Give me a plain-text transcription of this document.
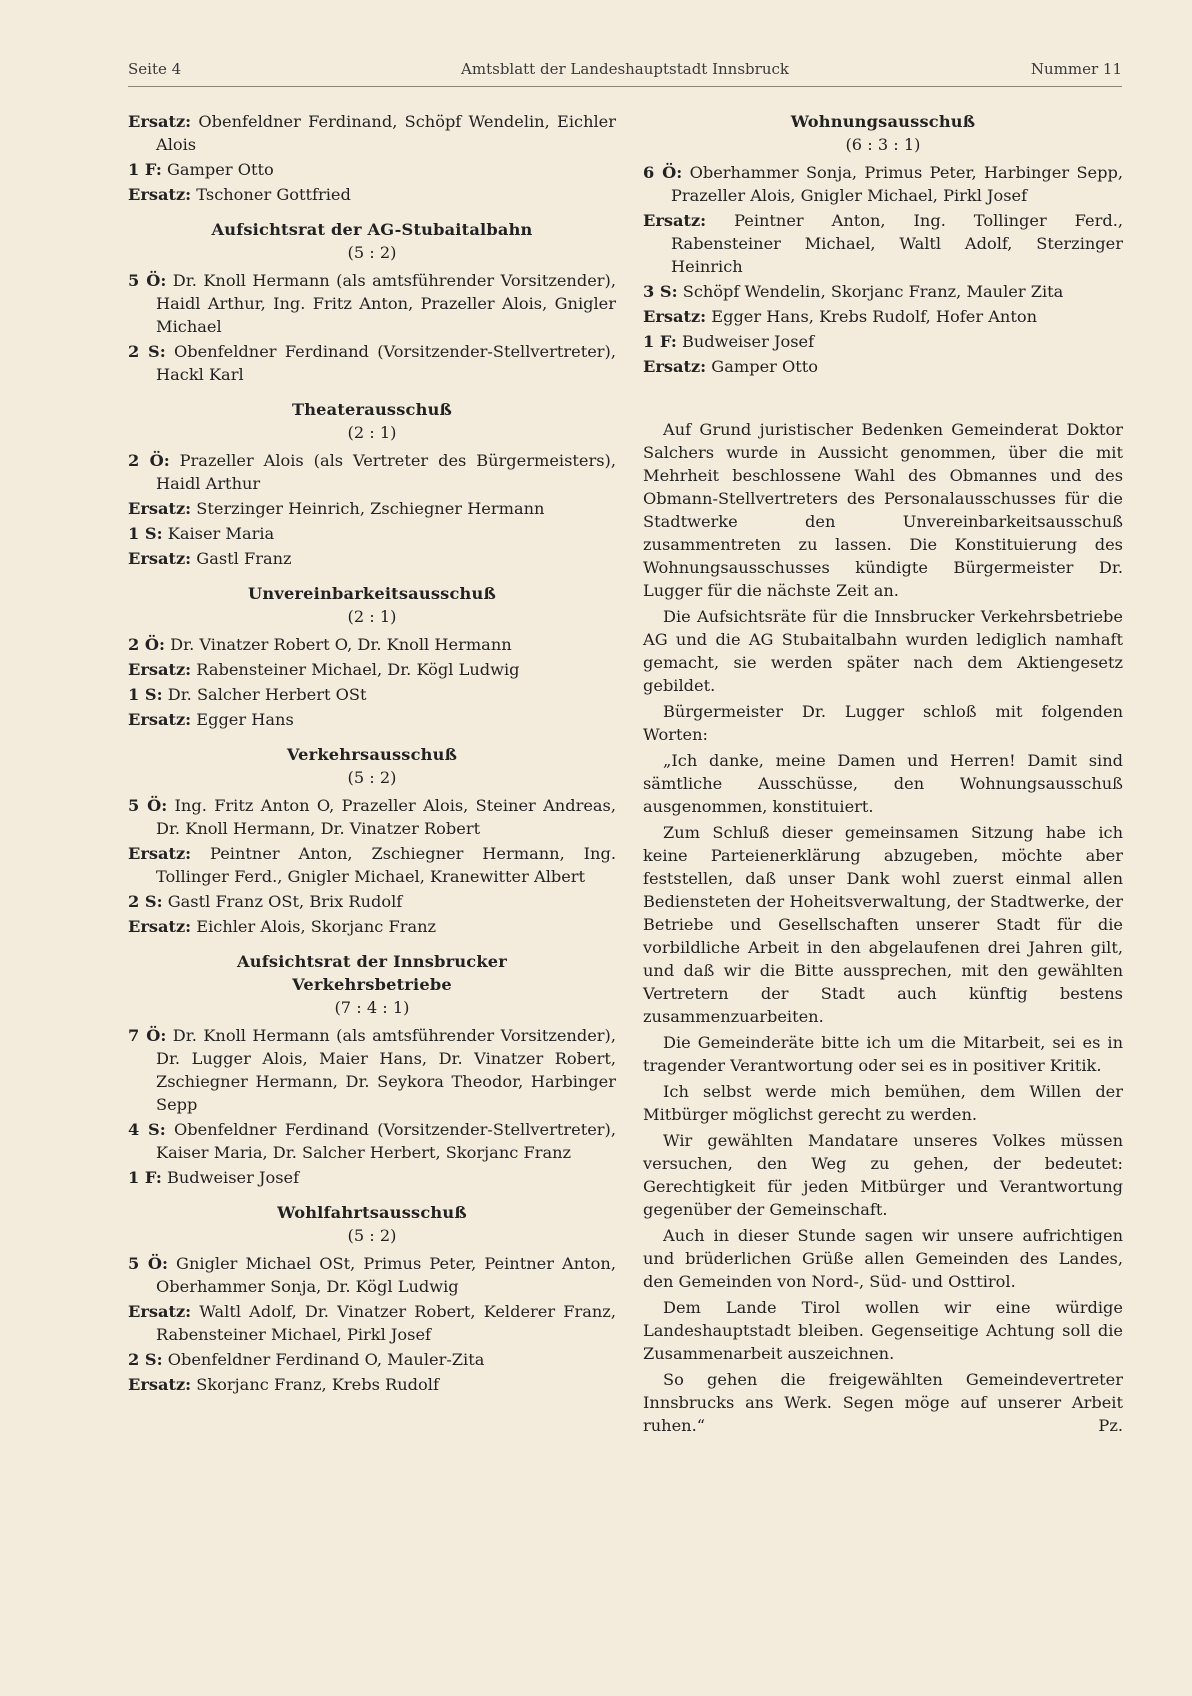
Seite 4	Amtsblatt der Landeshauptstadt Innsbruck	Nummer 11

Ersatz: Obenfeldner Ferdinand, Schöpf Wendelin, Eichler Alois

1 F: Gamper Otto

Ersatz: Tschoner Gottfried

Aufsichtsrat der AG-Stubaitalbahn
(5 : 2)

5 Ö: Dr. Knoll Hermann (als amtsführender Vorsitzender), Haidl Arthur, Ing. Fritz Anton, Prazeller Alois, Gnigler Michael

2 S: Obenfeldner Ferdinand (Vorsitzender-Stellvertreter), Hackl Karl

Theaterausschuß
(2 : 1)

2 Ö: Prazeller Alois (als Vertreter des Bürgermeisters), Haidl Arthur

Ersatz: Sterzinger Heinrich, Zschiegner Hermann

1 S: Kaiser Maria

Ersatz: Gastl Franz

Unvereinbarkeitsausschuß
(2 : 1)

2 Ö: Dr. Vinatzer Robert O, Dr. Knoll Hermann

Ersatz: Rabensteiner Michael, Dr. Kögl Ludwig

1 S: Dr. Salcher Herbert OSt

Ersatz: Egger Hans

Verkehrsausschuß
(5 : 2)

5 Ö: Ing. Fritz Anton O, Prazeller Alois, Steiner Andreas, Dr. Knoll Hermann, Dr. Vinatzer Robert

Ersatz: Peintner Anton, Zschiegner Hermann, Ing. Tollinger Ferd., Gnigler Michael, Kranewitter Albert

2 S: Gastl Franz OSt, Brix Rudolf

Ersatz: Eichler Alois, Skorjanc Franz

Aufsichtsrat der Innsbrucker Verkehrsbetriebe
(7 : 4 : 1)

7 Ö: Dr. Knoll Hermann (als amtsführender Vorsitzender), Dr. Lugger Alois, Maier Hans, Dr. Vinatzer Robert, Zschiegner Hermann, Dr. Seykora Theodor, Harbinger Sepp

4 S: Obenfeldner Ferdinand (Vorsitzender-Stellvertreter), Kaiser Maria, Dr. Salcher Herbert, Skorjanc Franz

1 F: Budweiser Josef

Wohlfahrtsausschuß
(5 : 2)

5 Ö: Gnigler Michael OSt, Primus Peter, Peintner Anton, Oberhammer Sonja, Dr. Kögl Ludwig

Ersatz: Waltl Adolf, Dr. Vinatzer Robert, Kelderer Franz, Rabensteiner Michael, Pirkl Josef

2 S: Obenfeldner Ferdinand O, Mauler-Zita

Ersatz: Skorjanc Franz, Krebs Rudolf

Wohnungsausschuß
(6 : 3 : 1)

6 Ö: Oberhammer Sonja, Primus Peter, Harbinger Sepp, Prazeller Alois, Gnigler Michael, Pirkl Josef

Ersatz: Peintner Anton, Ing. Tollinger Ferd., Rabensteiner Michael, Waltl Adolf, Sterzinger Heinrich

3 S: Schöpf Wendelin, Skorjanc Franz, Mauler Zita

Ersatz: Egger Hans, Krebs Rudolf, Hofer Anton

1 F: Budweiser Josef

Ersatz: Gamper Otto

Auf Grund juristischer Bedenken Gemeinderat Doktor Salchers wurde in Aussicht genommen, über die mit Mehrheit beschlossene Wahl des Obmannes und des Obmann-Stellvertreters des Personalausschusses für die Stadtwerke den Unvereinbarkeitsausschuß zusammentreten zu lassen. Die Konstituierung des Wohnungsausschusses kündigte Bürgermeister Dr. Lugger für die nächste Zeit an.

Die Aufsichtsräte für die Innsbrucker Verkehrsbetriebe AG und die AG Stubaitalbahn wurden lediglich namhaft gemacht, sie werden später nach dem Aktiengesetz gebildet.

Bürgermeister Dr. Lugger schloß mit folgenden Worten:

„Ich danke, meine Damen und Herren! Damit sind sämtliche Ausschüsse, den Wohnungsausschuß ausgenommen, konstituiert.

Zum Schluß dieser gemeinsamen Sitzung habe ich keine Parteienerklärung abzugeben, möchte aber feststellen, daß unser Dank wohl zuerst einmal allen Bediensteten der Hoheitsverwaltung, der Stadtwerke, der Betriebe und Gesellschaften unserer Stadt für die vorbildliche Arbeit in den abgelaufenen drei Jahren gilt, und daß wir die Bitte aussprechen, mit den gewählten Vertretern der Stadt auch künftig bestens zusammenzuarbeiten.

Die Gemeinderäte bitte ich um die Mitarbeit, sei es in tragender Verantwortung oder sei es in positiver Kritik.

Ich selbst werde mich bemühen, dem Willen der Mitbürger möglichst gerecht zu werden.

Wir gewählten Mandatare unseres Volkes müssen versuchen, den Weg zu gehen, der bedeutet: Gerechtigkeit für jeden Mitbürger und Verantwortung gegenüber der Gemeinschaft.

Auch in dieser Stunde sagen wir unsere aufrichtigen und brüderlichen Grüße allen Gemeinden des Landes, den Gemeinden von Nord-, Süd- und Osttirol.

Dem Lande Tirol wollen wir eine würdige Landeshauptstadt bleiben. Gegenseitige Achtung soll die Zusammenarbeit auszeichnen.

So gehen die freigewählten Gemeindevertreter Innsbrucks ans Werk. Segen möge auf unserer Arbeit ruhen.“	Pz.
